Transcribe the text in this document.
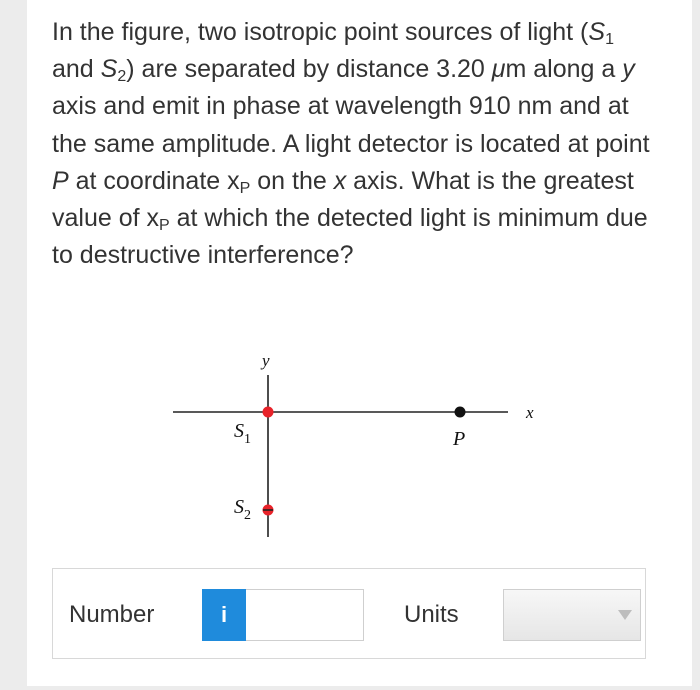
In the figure, two isotropic point sources of light ($S_1$ and $S_2$) are separated by distance 3.20 μm along a y axis and emit in phase at wavelength 910 nm and at the same amplitude. A light detector is located at point P at coordinate $x_P$ on the x axis. What is the greatest value of $x_P$ at which the detected light is minimum due to destructive interference?
y
x
$S_1$
$S_2$
P
Number	i	Units
